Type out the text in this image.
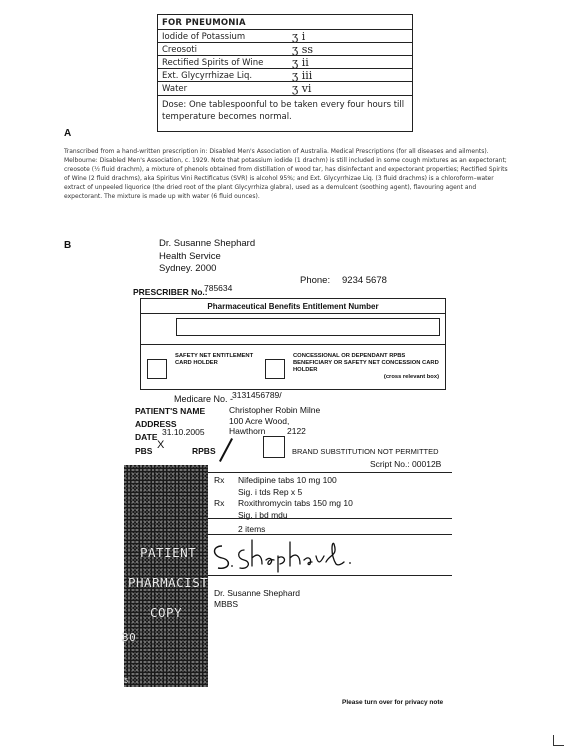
FOR PNEUMONIA
Iodide of Potassium	ʒ i
Creosoti	ʒ ss
Rectified Spirits of Wine	ʒ ii
Ext. Glycyrrhizae Liq.	ʒ iii
Water	ʒ vi
Dose: One tablespoonful to be taken every four hours till temperature becomes normal.
A
Transcribed from a hand-written prescription in: Disabled Men's Association of Australia. Medical Prescriptions (for all diseases and ailments). Melbourne: Disabled Men's Association, c. 1929. Note that potassium iodide (1 drachm) is still included in some cough mixtures as an expectorant; creosote (½ fluid drachm), a mixture of phenols obtained from distillation of wood tar, has disinfectant and expectorant properties; Rectified Spirits of Wine (2 fluid drachms), aka Spiritus Vini Rectificatus (SVR) is alcohol 95%; and Ext. Glycyrrhizae Liq. (3 fluid drachms) is a chloroform–water extract of unpeeled liquorice (the dried root of the plant Glycyrrhiza glabra), used as a demulcent (soothing agent), flavouring agent and expectorant. The mixture is made up with water (6 fluid ounces).
B	Dr. Susanne Shephard
Health Service
Sydney. 2000
Phone: 9234 5678
PRESCRIBER No.:
785634
Pharmaceutical Benefits Entitlement Number
SAFETY NET ENTITLEMENT CARD HOLDER
CONCESSIONAL OR DEPENDANT RPBS BENEFICIARY OR SAFETY NET CONCESSION CARD HOLDER
(cross relevant box)
Medicare No. -
3131456789/
PATIENT'S NAME	Christopher Robin Milne
ADDRESS	100 Acre Wood,
Hawthorn	2122
DATE 31.10.2005
PBS X	RPBS	BRAND SUBSTITUTION NOT PERMITTED
Script No.: 00012B
Rx Nifedipine tabs 10 mg 100
Sig. i tds Rep x 5
Rx Roxithromycin tabs 150 mg 10
Sig. i bd mdu
2 items
Dr. Susanne Shephard
MBBS
PATIENT
PHARMACIST
COPY
30
5
Please turn over for privacy note
